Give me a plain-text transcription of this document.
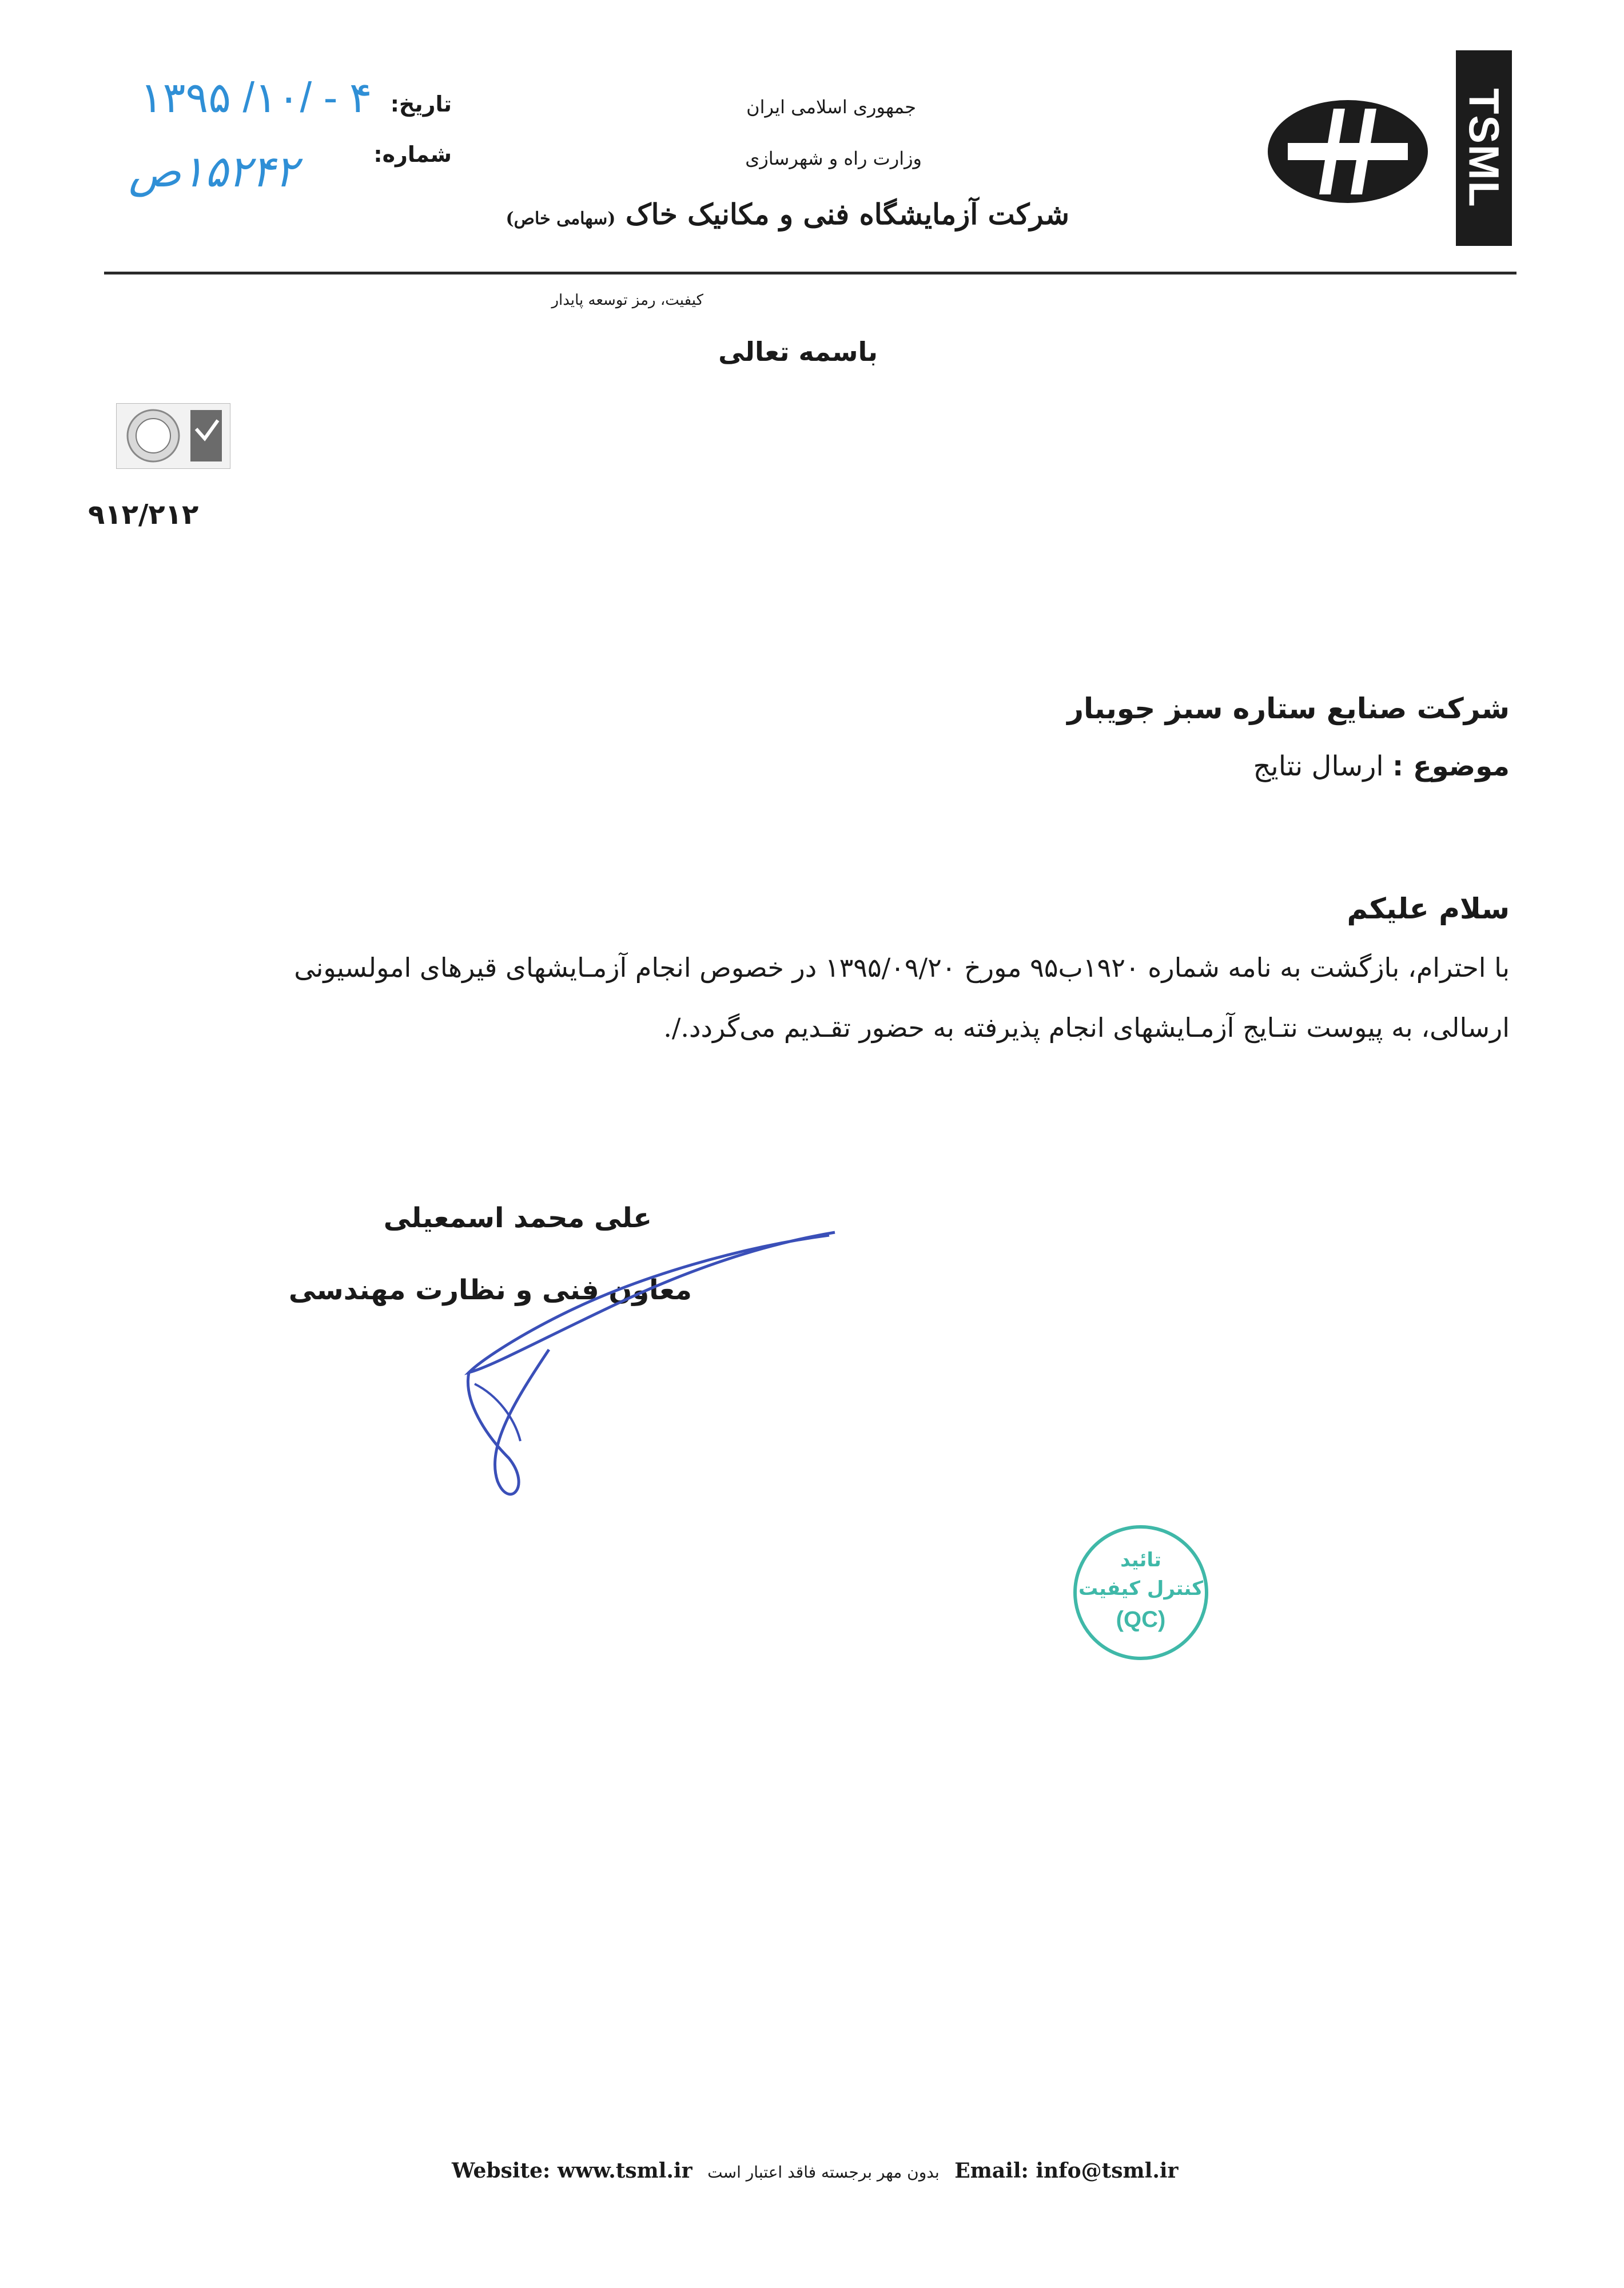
TSML
جمهوری اسلامی ایران
وزارت راه و شهرسازی
شرکت آزمایشگاه فنی و مکانیک خاک (سهامی خاص)
تاریخ:
شماره:
۱۳۹۵ /۱۰/ - ۴
۱۵۲۴۲ص
کیفیت، رمز توسعه پایدار
باسمه تعالی
۹۱۲/۲۱۲
شرکت صنایع ستاره سبز جویبار
موضوع : ارسال نتایج
سلام علیکم
با احترام، بازگشت به نامه شماره ۱۹۲۰ب۹۵ مورخ ۱۳۹۵/۰۹/۲۰ در خصوص انجام آزمـایشهای قیرهای امولسیونی
ارسالی، به پیوست نتـایج آزمـایشهای انجام پذیرفته به حضور تقـدیم می‌گردد./.
علی محمد اسمعیلی
معاون فنی و نظارت مهندسی
تائید
کنترل کیفیت
(QC)
Website: www.tsml.ir بدون مهر برجسته فاقد اعتبار است Email: info@tsml.ir
